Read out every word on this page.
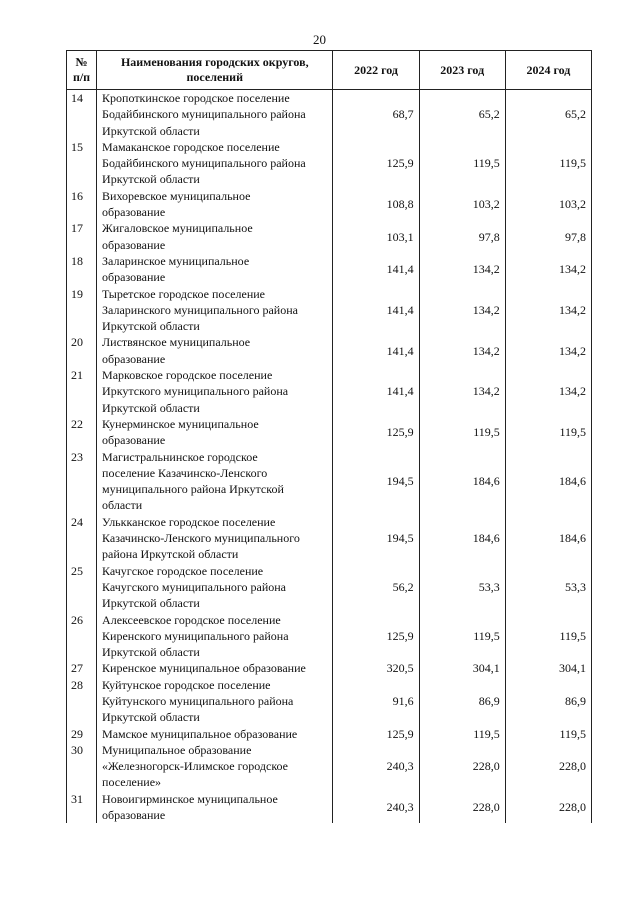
20
№
п/п	Наименования городских округов, поселений	2022 год	2023 год	2024 год
14	Кропоткинское городское поселение
Бодайбинского муниципального района
Иркутской области	68,7	65,2	65,2
15	Мамаканское городское поселение
Бодайбинского муниципального района
Иркутской области	125,9	119,5	119,5
16	Вихоревское муниципальное
образование	108,8	103,2	103,2
17	Жигаловское муниципальное
образование	103,1	97,8	97,8
18	Заларинское муниципальное
образование	141,4	134,2	134,2
19	Тыретское городское поселение
Заларинского муниципального района
Иркутской области	141,4	134,2	134,2
20	Листвянское муниципальное
образование	141,4	134,2	134,2
21	Марковское городское поселение
Иркутского муниципального района
Иркутской области	141,4	134,2	134,2
22	Кунерминское муниципальное
образование	125,9	119,5	119,5
23	Магистральнинское городское
поселение Казачинско-Ленского
муниципального района Иркутской
области	194,5	184,6	184,6
24	Улькканское городское поселение
Казачинско-Ленского муниципального
района Иркутской области	194,5	184,6	184,6
25	Качугское городское поселение
Качугского муниципального района
Иркутской области	56,2	53,3	53,3
26	Алексеевское городское поселение
Киренского муниципального района
Иркутской области	125,9	119,5	119,5
27	Киренское муниципальное образование	320,5	304,1	304,1
28	Куйтунское городское поселение
Куйтунского муниципального района
Иркутской области	91,6	86,9	86,9
29	Мамское муниципальное образование	125,9	119,5	119,5
30	Муниципальное образование
«Железногорск-Илимское городское
поселение»	240,3	228,0	228,0
31	Новоигирминское муниципальное
образование	240,3	228,0	228,0
